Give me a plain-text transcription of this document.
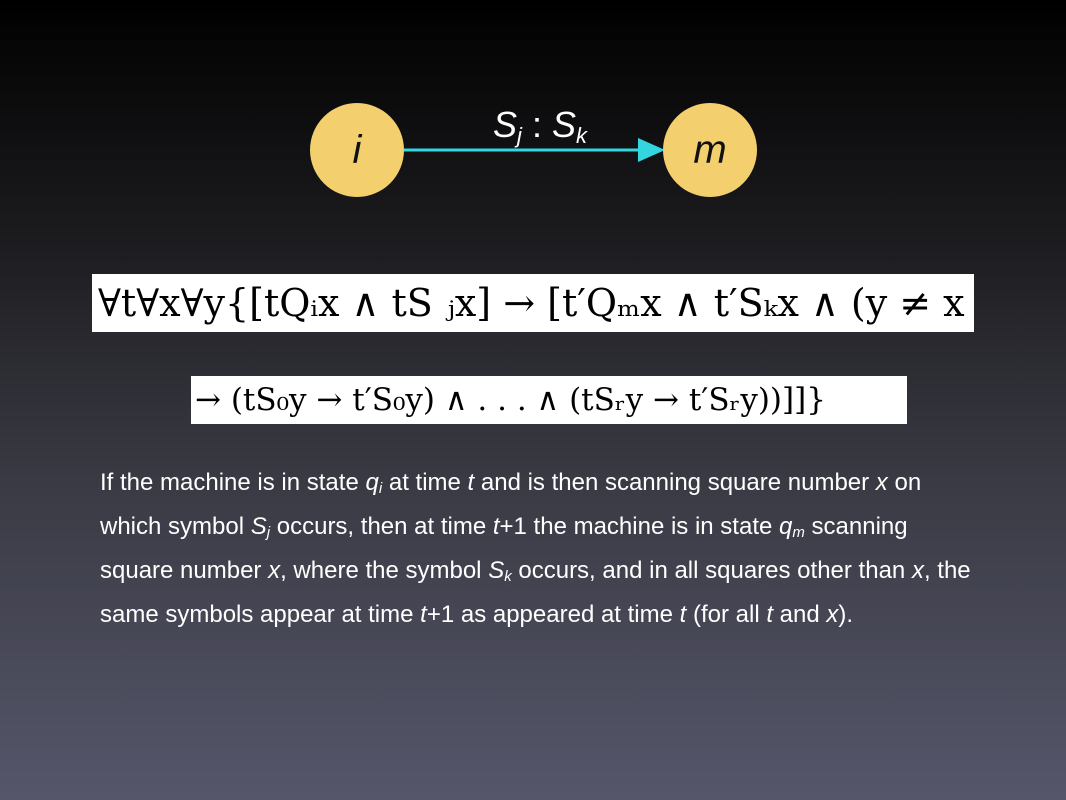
i	m
$S_j$ : $S_k$
∀t∀x∀y{[tQᵢx ∧ tS ⱼx] → [t′Qₘx ∧ t′Sₖx ∧ (y ≠ x
→ (tS₀y → t′S₀y) ∧ . . . ∧ (tSᵣy → t′Sᵣy))]]}
If the machine is in state $q_i$ at time t and is then scanning square number x on which symbol $S_j$ occurs, then at time t+1 the machine is in state $q_m$ scanning square number x, where the symbol $S_k$ occurs, and in all squares other than x, the same symbols appear at time t+1 as appeared at time t (for all t and x).
